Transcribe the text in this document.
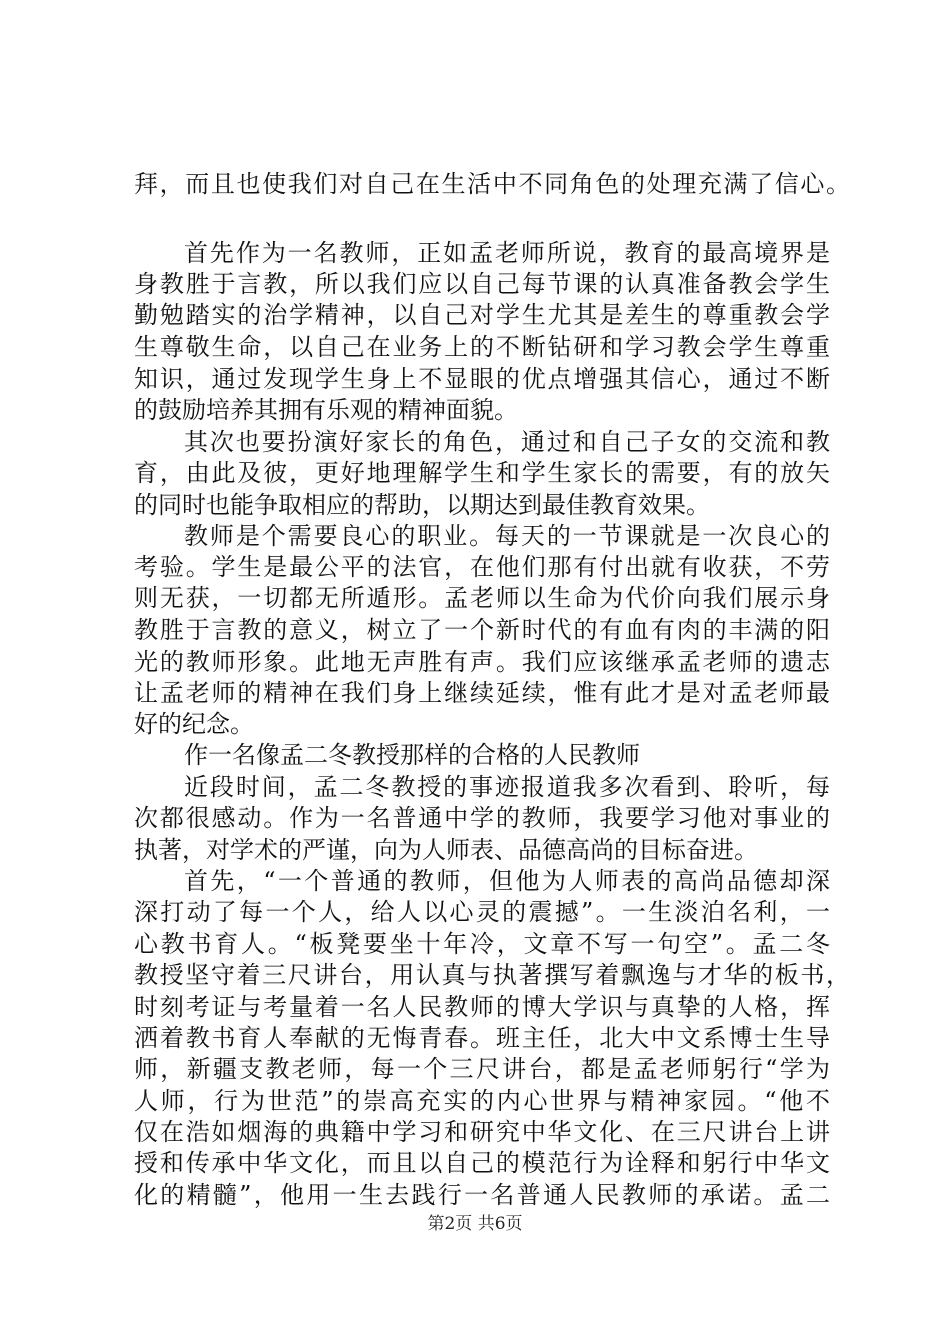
拜，而且也使我们对自己在生活中不同角色的处理充满了信心。
首先作为一名教师，正如孟老师所说，教育的最高境界是
身教胜于言教，所以我们应以自己每节课的认真准备教会学生
勤勉踏实的治学精神，以自己对学生尤其是差生的尊重教会学
生尊敬生命，以自己在业务上的不断钻研和学习教会学生尊重
知识，通过发现学生身上不显眼的优点增强其信心，通过不断
的鼓励培养其拥有乐观的精神面貌。
其次也要扮演好家长的角色，通过和自己子女的交流和教
育，由此及彼，更好地理解学生和学生家长的需要，有的放矢
的同时也能争取相应的帮助，以期达到最佳教育效果。
教师是个需要良心的职业。每天的一节课就是一次良心的
考验。学生是最公平的法官，在他们那有付出就有收获，不劳
则无获，一切都无所遁形。孟老师以生命为代价向我们展示身
教胜于言教的意义，树立了一个新时代的有血有肉的丰满的阳
光的教师形象。此地无声胜有声。我们应该继承孟老师的遗志
让孟老师的精神在我们身上继续延续，惟有此才是对孟老师最
好的纪念。
作一名像孟二冬教授那样的合格的人民教师
近段时间，孟二冬教授的事迹报道我多次看到、聆听，每
次都很感动。作为一名普通中学的教师，我要学习他对事业的
执著，对学术的严谨，向为人师表、品德高尚的目标奋进。
首先，“一个普通的教师，但他为人师表的高尚品德却深
深打动了每一个人，给人以心灵的震撼”。一生淡泊名利，一
心教书育人。“板凳要坐十年冷，文章不写一句空”。孟二冬
教授坚守着三尺讲台，用认真与执著撰写着飘逸与才华的板书，
时刻考证与考量着一名人民教师的博大学识与真挚的人格，挥
洒着教书育人奉献的无悔青春。班主任，北大中文系博士生导
师，新疆支教老师，每一个三尺讲台，都是孟老师躬行“学为
人师，行为世范”的崇高充实的内心世界与精神家园。“他不
仅在浩如烟海的典籍中学习和研究中华文化、在三尺讲台上讲
授和传承中华文化，而且以自己的模范行为诠释和躬行中华文
化的精髓”，他用一生去践行一名普通人民教师的承诺。孟二
第2页 共6页
